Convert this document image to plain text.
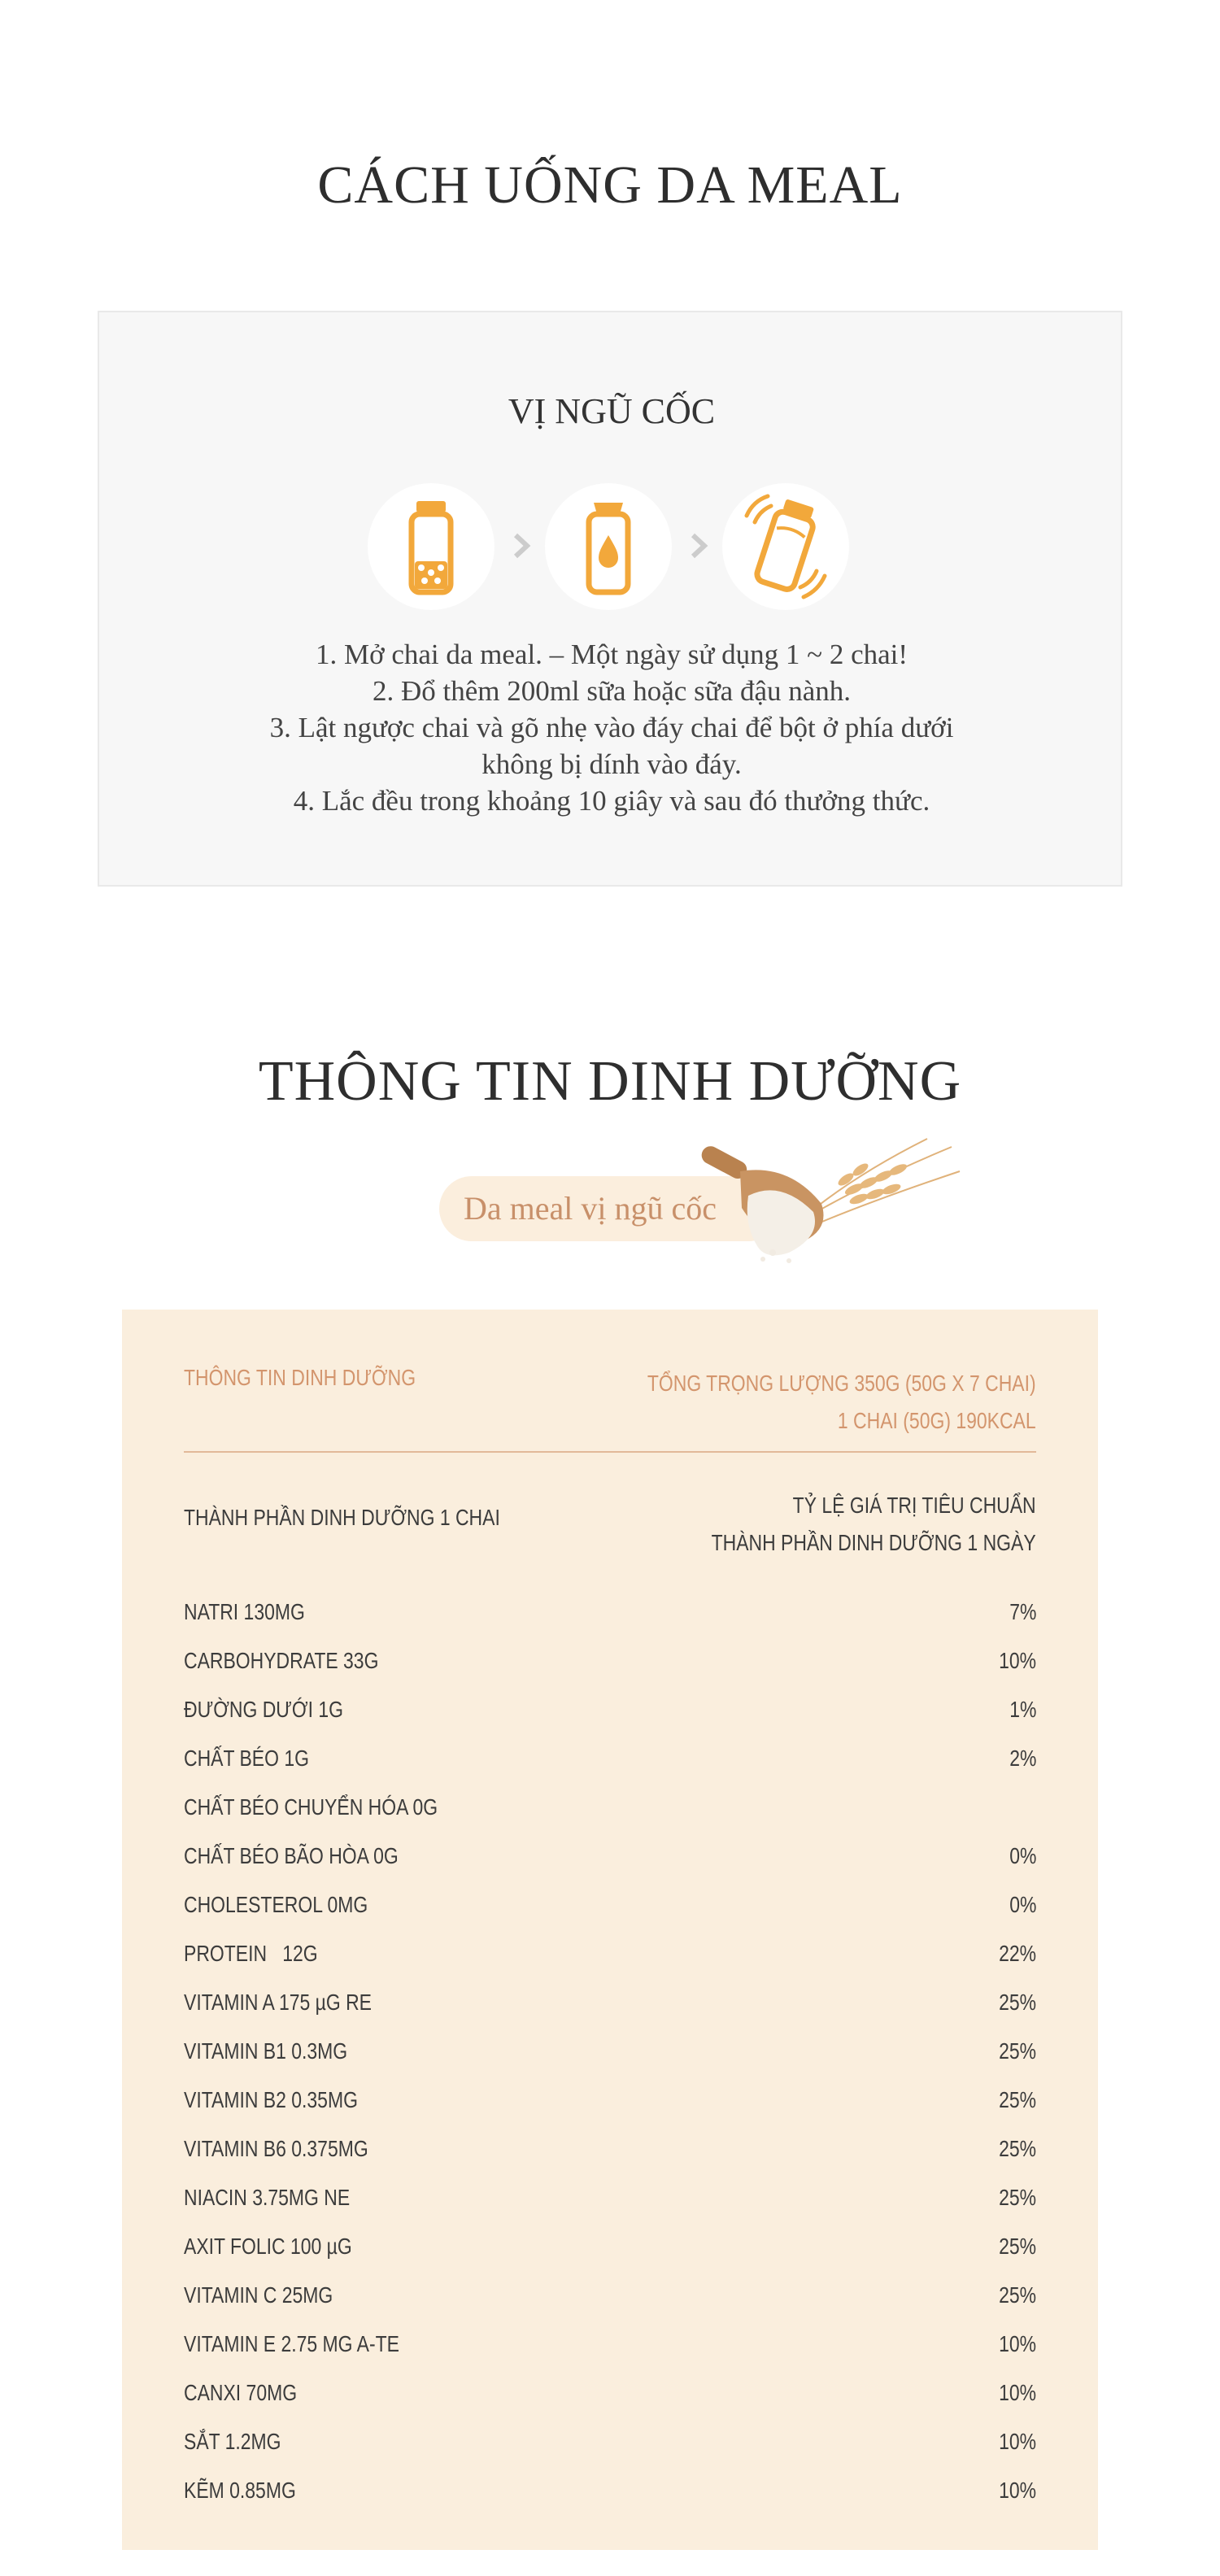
CÁCH UỐNG DA MEAL
VỊ NGŨ CỐC
1. Mở chai da meal. – Một ngày sử dụng 1 ~ 2 chai!
2. Đổ thêm 200ml sữa hoặc sữa đậu nành.
3. Lật ngược chai và gõ nhẹ vào đáy chai để bột ở phía dưới
không bị dính vào đáy.
4. Lắc đều trong khoảng 10 giây và sau đó thưởng thức.
THÔNG TIN DINH DƯỠNG
Da meal vị ngũ cốc
THÔNG TIN DINH DƯỠNG	TỔNG TRỌNG LƯỢNG 350G (50G X 7 CHAI)
1 CHAI (50G) 190KCAL
THÀNH PHẦN DINH DƯỠNG 1 CHAI	TỶ LỆ GIÁ TRỊ TIÊU CHUẨN
THÀNH PHẦN DINH DƯỠNG 1 NGÀY
NATRI 130MG	7%
CARBOHYDRATE 33G	10%
ĐƯỜNG DƯỚI 1G	1%
CHẤT BÉO 1G	2%
CHẤT BÉO CHUYỂN HÓA 0G
CHẤT BÉO BÃO HÒA 0G	0%
CHOLESTEROL 0MG	0%
PROTEIN   12G	22%
VITAMIN A 175 µG RE	25%
VITAMIN B1 0.3MG	25%
VITAMIN B2 0.35MG	25%
VITAMIN B6 0.375MG	25%
NIACIN 3.75MG NE	25%
AXIT FOLIC 100 µG	25%
VITAMIN C 25MG	25%
VITAMIN E 2.75 MG A-TE	10%
CANXI 70MG	10%
SẮT 1.2MG	10%
KẼM 0.85MG	10%
